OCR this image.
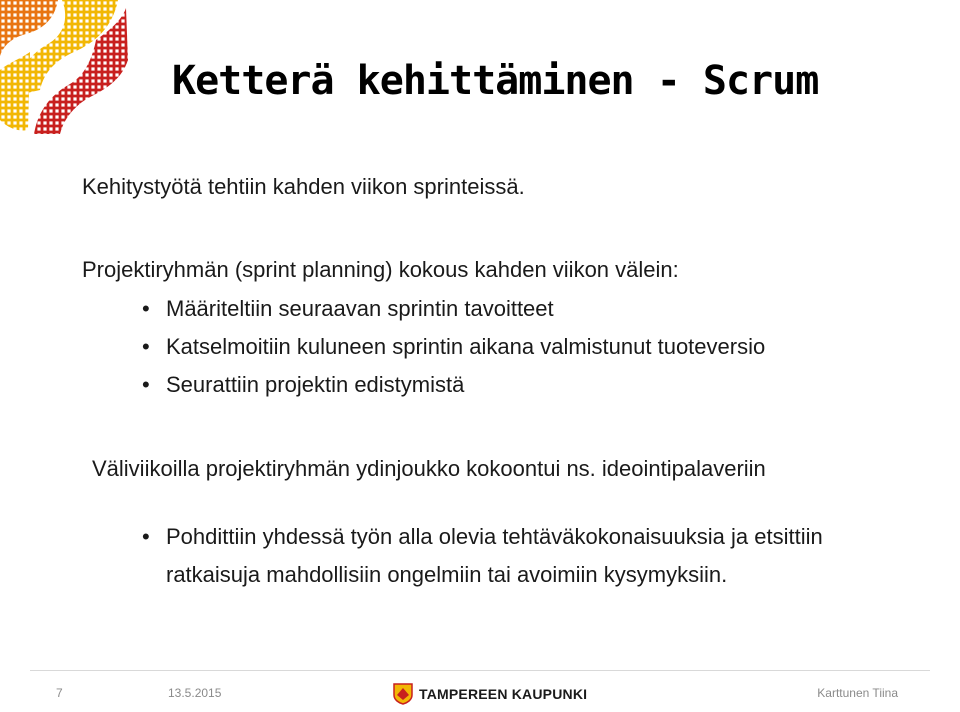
Ketterä kehittäminen - Scrum
Kehitystyötä tehtiin kahden viikon sprinteissä.
Projektiryhmän (sprint planning) kokous kahden viikon välein:
• Määriteltiin seuraavan sprintin tavoitteet
• Katselmoitiin kuluneen sprintin aikana valmistunut tuoteversio
• Seurattiin projektin edistymistä
Väliviikoilla projektiryhmän ydinjoukko kokoontui ns. ideointipalaveriin
• Pohdittiin yhdessä työn alla olevia tehtäväkokonaisuuksia ja etsittiin ratkaisuja mahdollisiin ongelmiin tai avoimiin kysymyksiin.
7	13.5.2015	TAMPEREEN KAUPUNKI	Karttunen Tiina
